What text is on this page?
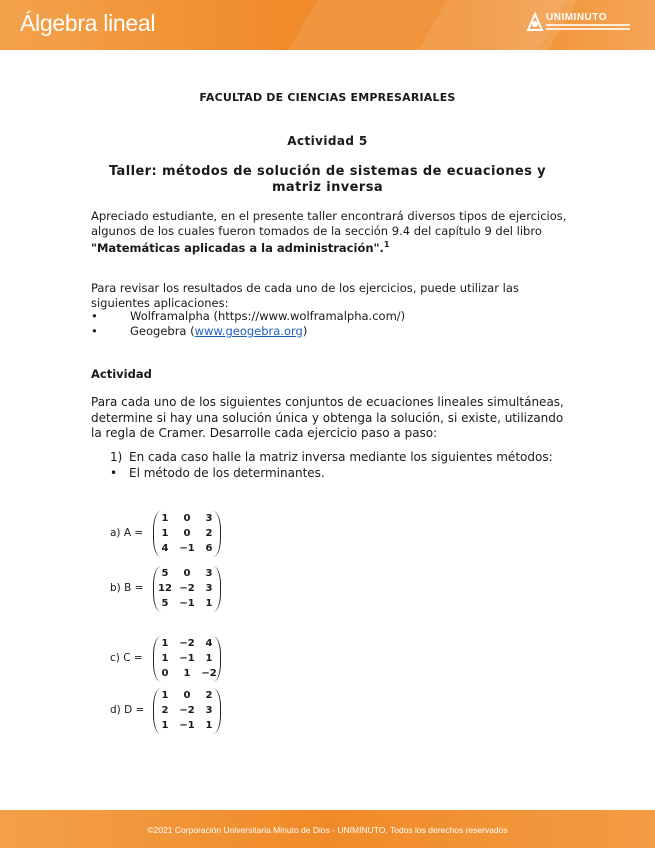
Álgebra lineal	UNIMINUTO
FACULTAD DE CIENCIAS EMPRESARIALES
Actividad 5
Taller: métodos de solución de sistemas de ecuaciones y matriz inversa
Apreciado estudiante, en el presente taller encontrará diversos tipos de ejercicios, algunos de los cuales fueron tomados de la sección 9.4 del capítulo 9 del libro "Matemáticas aplicadas a la administración".$^1$
Para revisar los resultados de cada uno de los ejercicios, puede utilizar las siguientes aplicaciones:
•	Wolframalpha (https://www.wolframalpha.com/)
•	Geogebra (www.geogebra.org)
Actividad
Para cada uno de los siguientes conjuntos de ecuaciones lineales simultáneas, determine si hay una solución única y obtenga la solución, si existe, utilizando la regla de Cramer. Desarrolle cada ejercicio paso a paso:
1) En cada caso halle la matriz inversa mediante los siguientes métodos:
• El método de los determinantes.
a) A =
1	0	3
1	0	2
4	−1	6
b) B =
5	0	3
12 −2	3
5	−1	1
c) C =
1	−2	4
1	−1	1
0	1	−2
d) D =
1	0	2
2	−2	3
1	−1	1
©2021 Corporación Universitaria Minuto de Dios - UNIMINUTO. Todos los derechos reservados
